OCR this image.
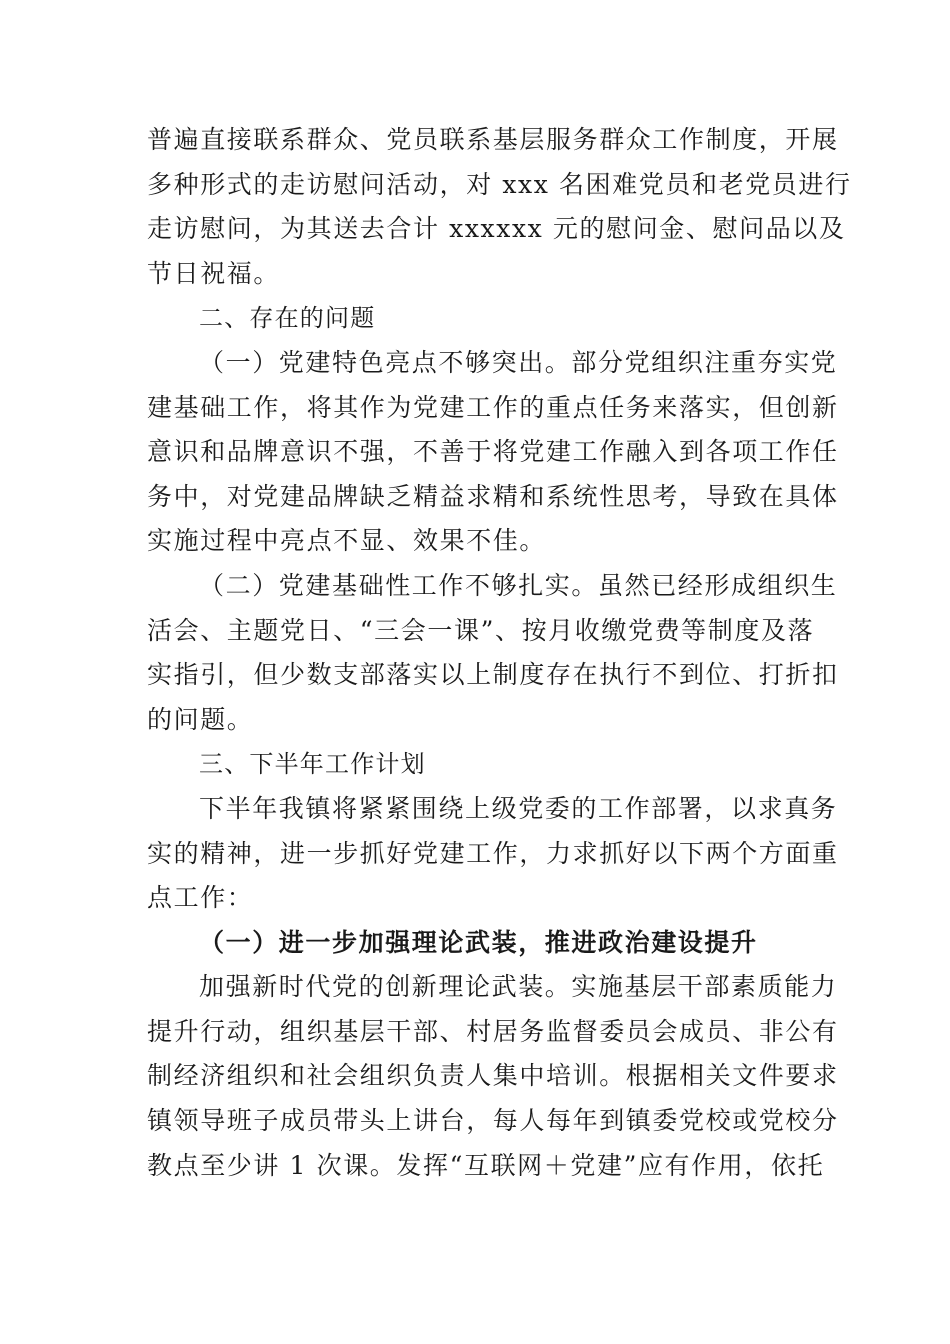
普遍直接联系群众、党员联系基层服务群众工作制度，开展
多种形式的走访慰问活动，对 xxx 名困难党员和老党员进行
走访慰问，为其送去合计 xxxxxx 元的慰问金、慰问品以及
节日祝福。
二、存在的问题
（一）党建特色亮点不够突出。部分党组织注重夯实党
建基础工作，将其作为党建工作的重点任务来落实，但创新
意识和品牌意识不强，不善于将党建工作融入到各项工作任
务中，对党建品牌缺乏精益求精和系统性思考，导致在具体
实施过程中亮点不显、效果不佳。
（二）党建基础性工作不够扎实。虽然已经形成组织生
活会、主题党日、“三会一课”、按月收缴党费等制度及落
实指引，但少数支部落实以上制度存在执行不到位、打折扣
的问题。
三、下半年工作计划
下半年我镇将紧紧围绕上级党委的工作部署，以求真务
实的精神，进一步抓好党建工作，力求抓好以下两个方面重
点工作：
（一）进一步加强理论武装，推进政治建设提升
加强新时代党的创新理论武装。实施基层干部素质能力
提升行动，组织基层干部、村居务监督委员会成员、非公有
制经济组织和社会组织负责人集中培训。根据相关文件要求
镇领导班子成员带头上讲台，每人每年到镇委党校或党校分
教点至少讲 1 次课。发挥“互联网＋党建”应有作用，依托
